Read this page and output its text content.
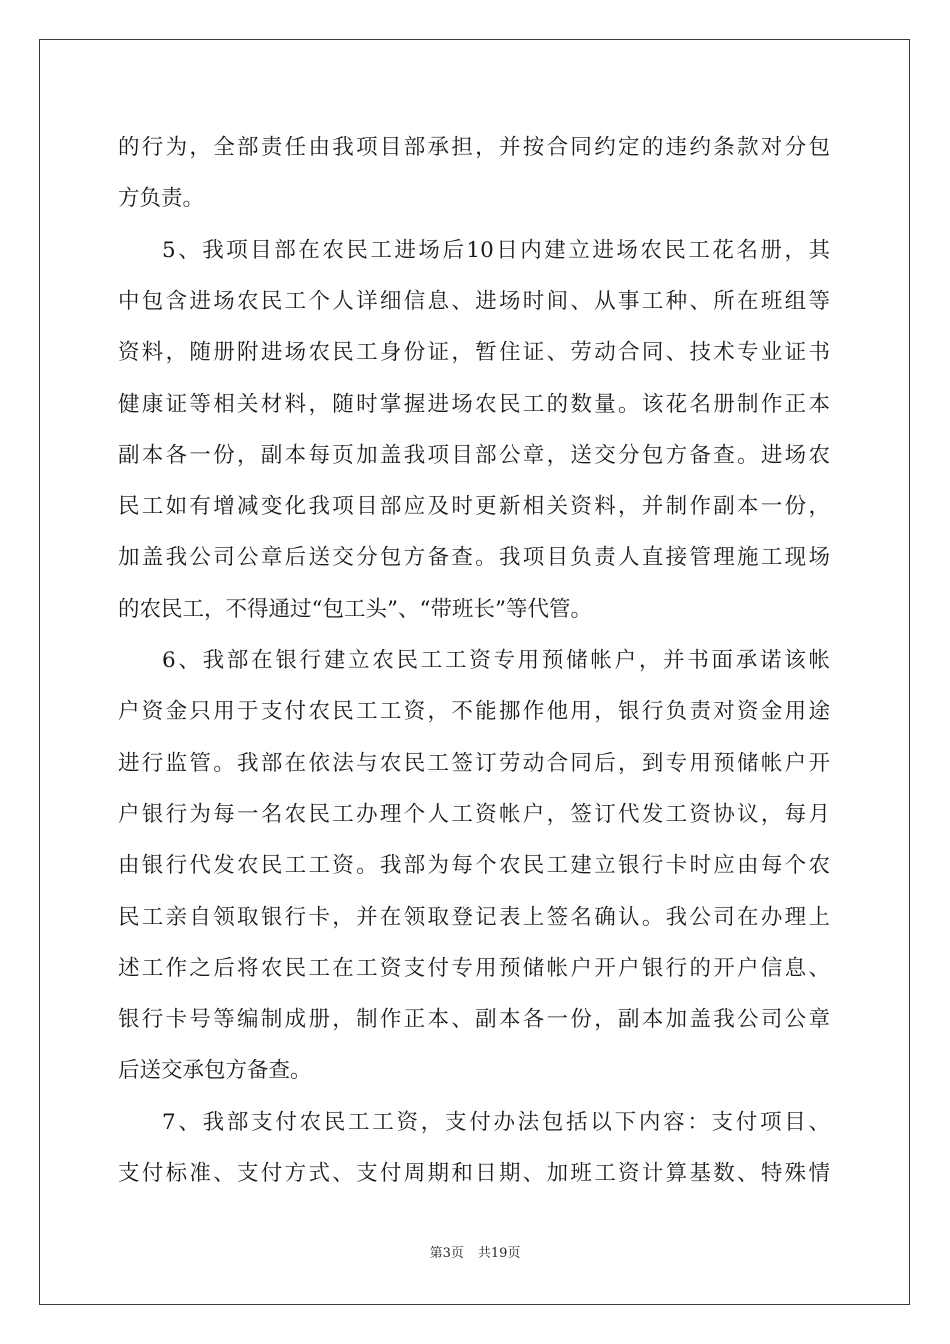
的行为，全部责任由我项目部承担，并按合同约定的违约条款对分包
方负责。
5、我项目部在农民工进场后10日内建立进场农民工花名册，其
中包含进场农民工个人详细信息、进场时间、从事工种、所在班组等
资料，随册附进场农民工身份证，暂住证、劳动合同、技术专业证书
健康证等相关材料，随时掌握进场农民工的数量。该花名册制作正本
副本各一份，副本每页加盖我项目部公章，送交分包方备查。进场农
民工如有增减变化我项目部应及时更新相关资料，并制作副本一份，
加盖我公司公章后送交分包方备查。我项目负责人直接管理施工现场
的农民工，不得通过“包工头”、“带班长”等代管。
6、我部在银行建立农民工工资专用预储帐户，并书面承诺该帐
户资金只用于支付农民工工资，不能挪作他用，银行负责对资金用途
进行监管。我部在依法与农民工签订劳动合同后，到专用预储帐户开
户银行为每一名农民工办理个人工资帐户，签订代发工资协议，每月
由银行代发农民工工资。我部为每个农民工建立银行卡时应由每个农
民工亲自领取银行卡，并在领取登记表上签名确认。我公司在办理上
述工作之后将农民工在工资支付专用预储帐户开户银行的开户信息、
银行卡号等编制成册，制作正本、副本各一份，副本加盖我公司公章
后送交承包方备查。
7、我部支付农民工工资，支付办法包括以下内容：支付项目、
支付标准、支付方式、支付周期和日期、加班工资计算基数、特殊情
第3页 共19页
